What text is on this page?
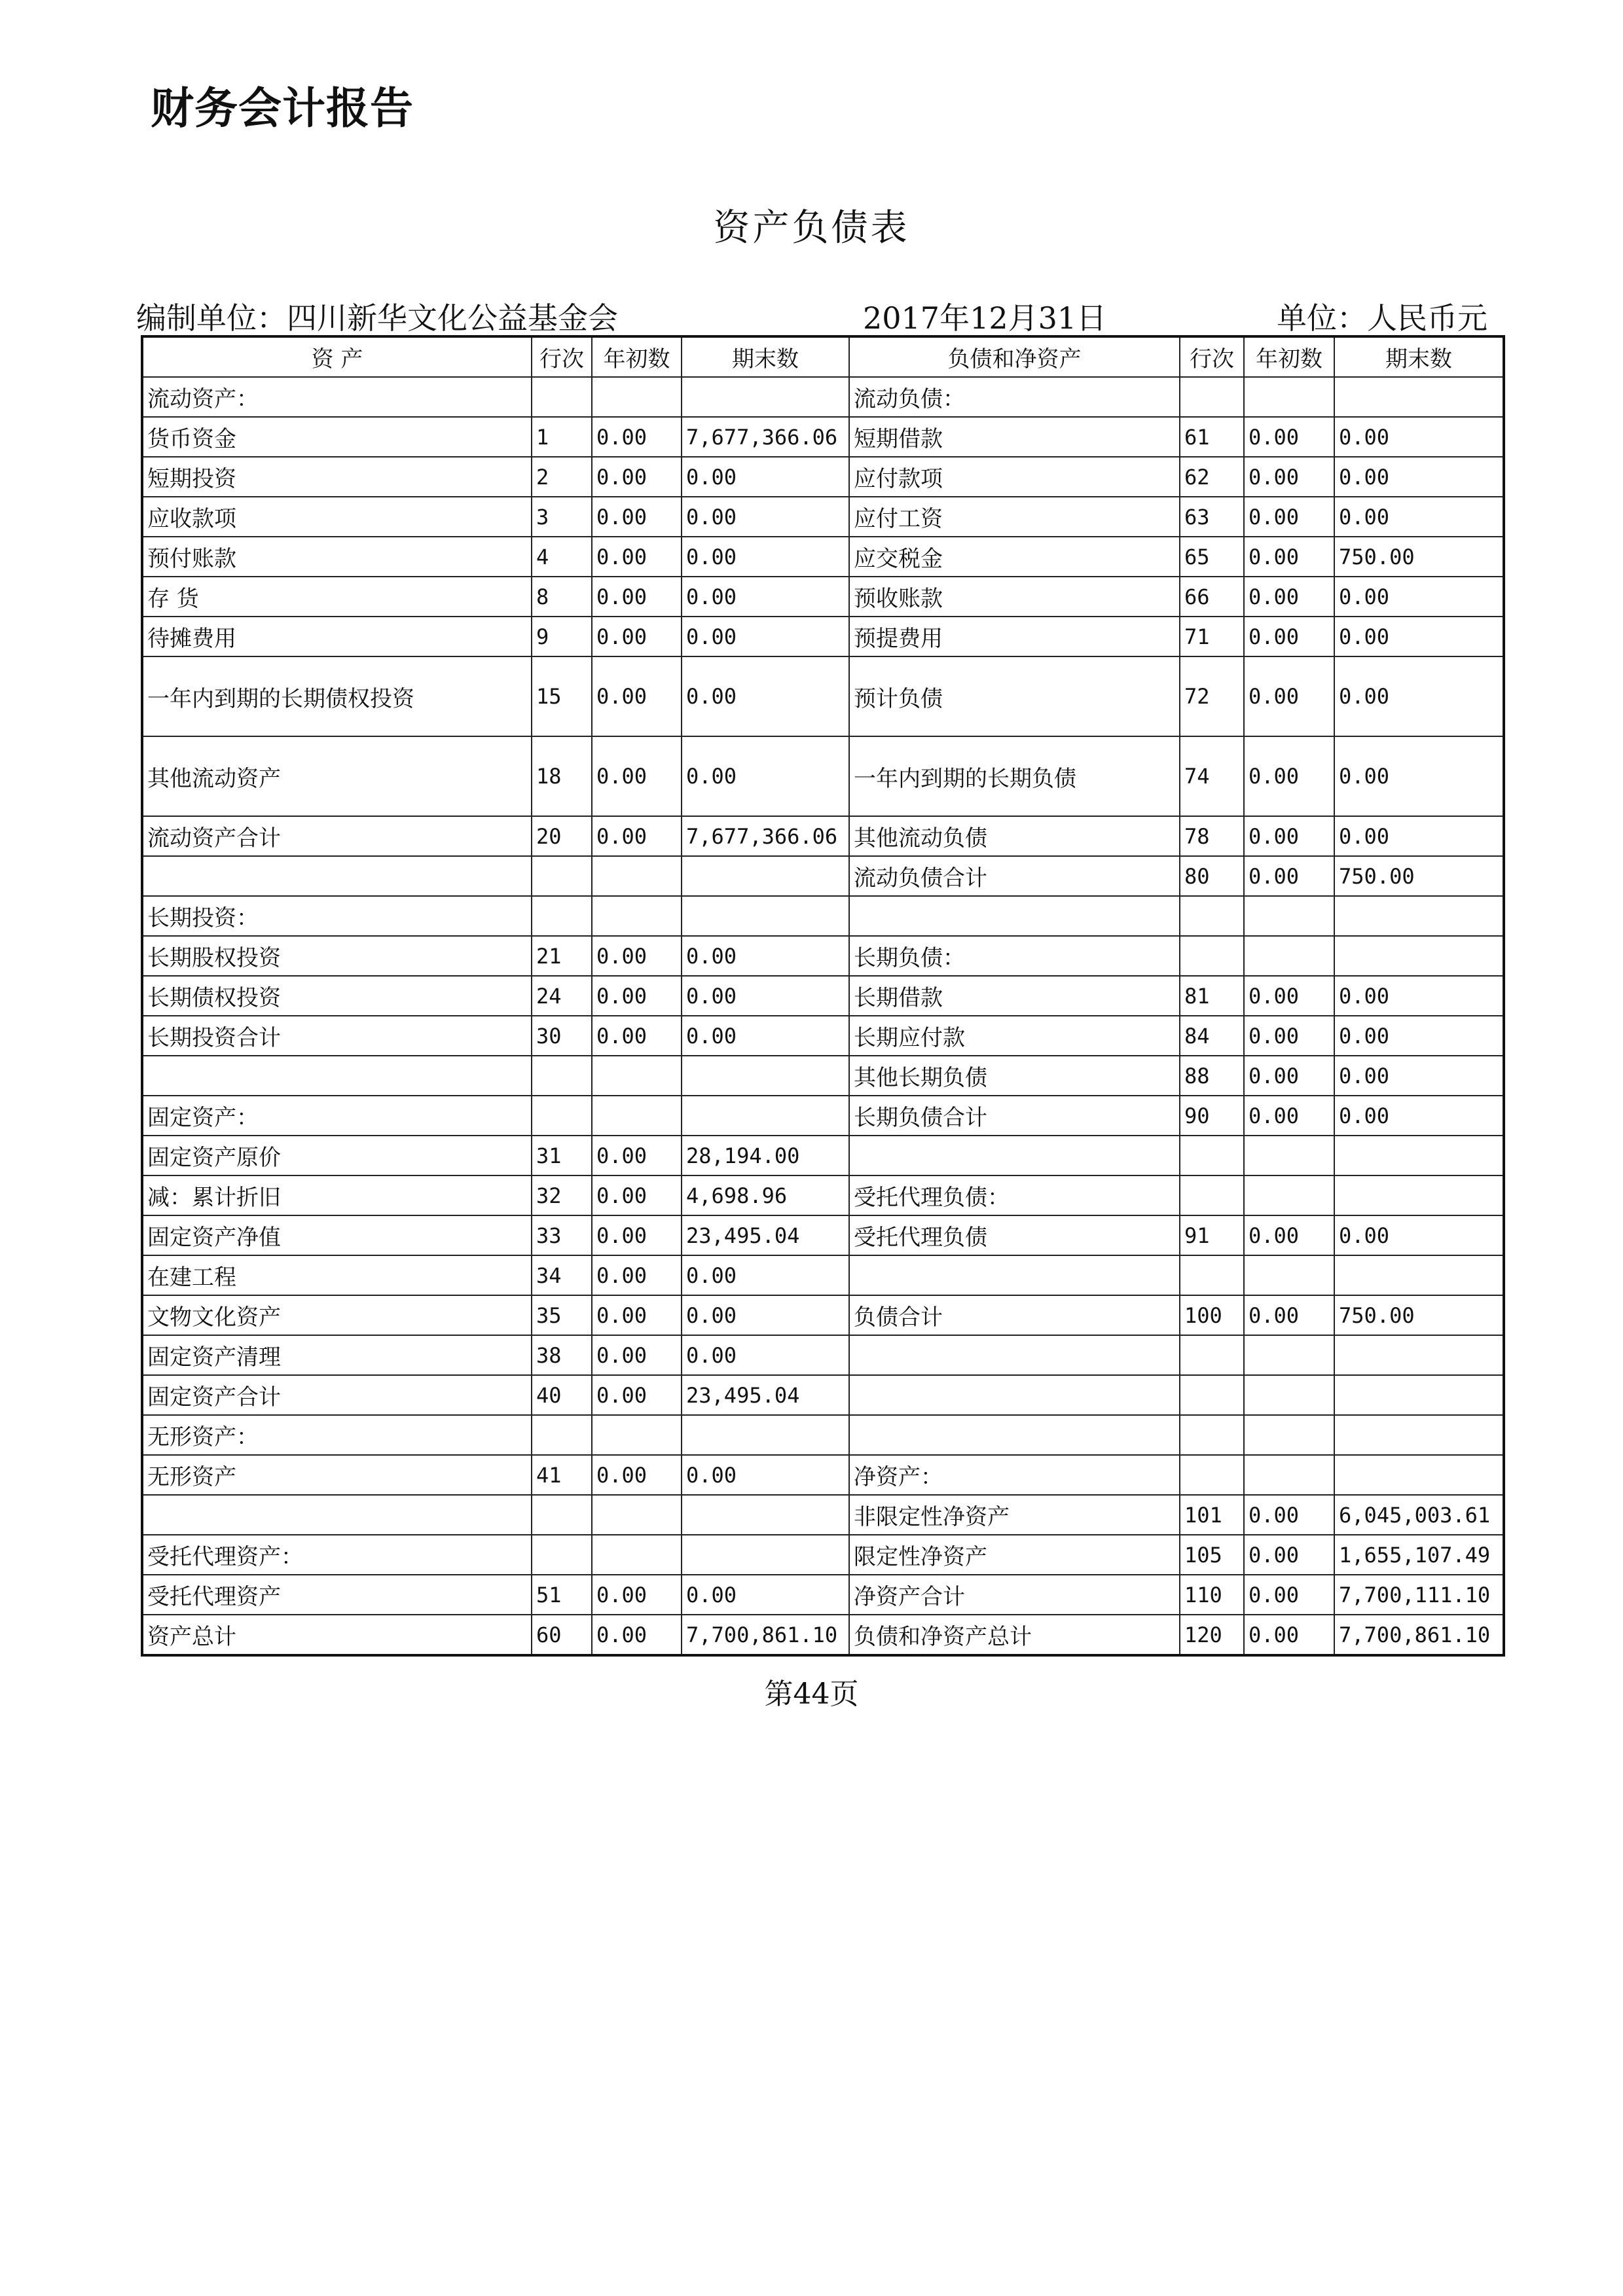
财务会计报告
资产负债表
编制单位：四川新华文化公益基金会	2017年12月31日	单位：人民币元
资 产	行次	年初数	期末数	负债和净资产	行次	年初数	期末数
流动资产：				流动负债：			
货币资金	1	0.00	7,677,366.06	短期借款	61	0.00	0.00
短期投资	2	0.00	0.00	应付款项	62	0.00	0.00
应收款项	3	0.00	0.00	应付工资	63	0.00	0.00
预付账款	4	0.00	0.00	应交税金	65	0.00	750.00
存 货	8	0.00	0.00	预收账款	66	0.00	0.00
待摊费用	9	0.00	0.00	预提费用	71	0.00	0.00
一年内到期的长期债权投资	15	0.00	0.00	预计负债	72	0.00	0.00
其他流动资产	18	0.00	0.00	一年内到期的长期负债	74	0.00	0.00
流动资产合计	20	0.00	7,677,366.06	其他流动负债	78	0.00	0.00
				流动负债合计	80	0.00	750.00
长期投资：							
长期股权投资	21	0.00	0.00	长期负债：			
长期债权投资	24	0.00	0.00	长期借款	81	0.00	0.00
长期投资合计	30	0.00	0.00	长期应付款	84	0.00	0.00
				其他长期负债	88	0.00	0.00
固定资产：				长期负债合计	90	0.00	0.00
固定资产原价	31	0.00	28,194.00				
减：累计折旧	32	0.00	4,698.96	受托代理负债：			
固定资产净值	33	0.00	23,495.04	受托代理负债	91	0.00	0.00
在建工程	34	0.00	0.00				
文物文化资产	35	0.00	0.00	负债合计	100	0.00	750.00
固定资产清理	38	0.00	0.00				
固定资产合计	40	0.00	23,495.04				
无形资产：							
无形资产	41	0.00	0.00	净资产：			
				非限定性净资产	101	0.00	6,045,003.61
受托代理资产：				限定性净资产	105	0.00	1,655,107.49
受托代理资产	51	0.00	0.00	净资产合计	110	0.00	7,700,111.10
资产总计	60	0.00	7,700,861.10	负债和净资产总计	120	0.00	7,700,861.10
第44页
